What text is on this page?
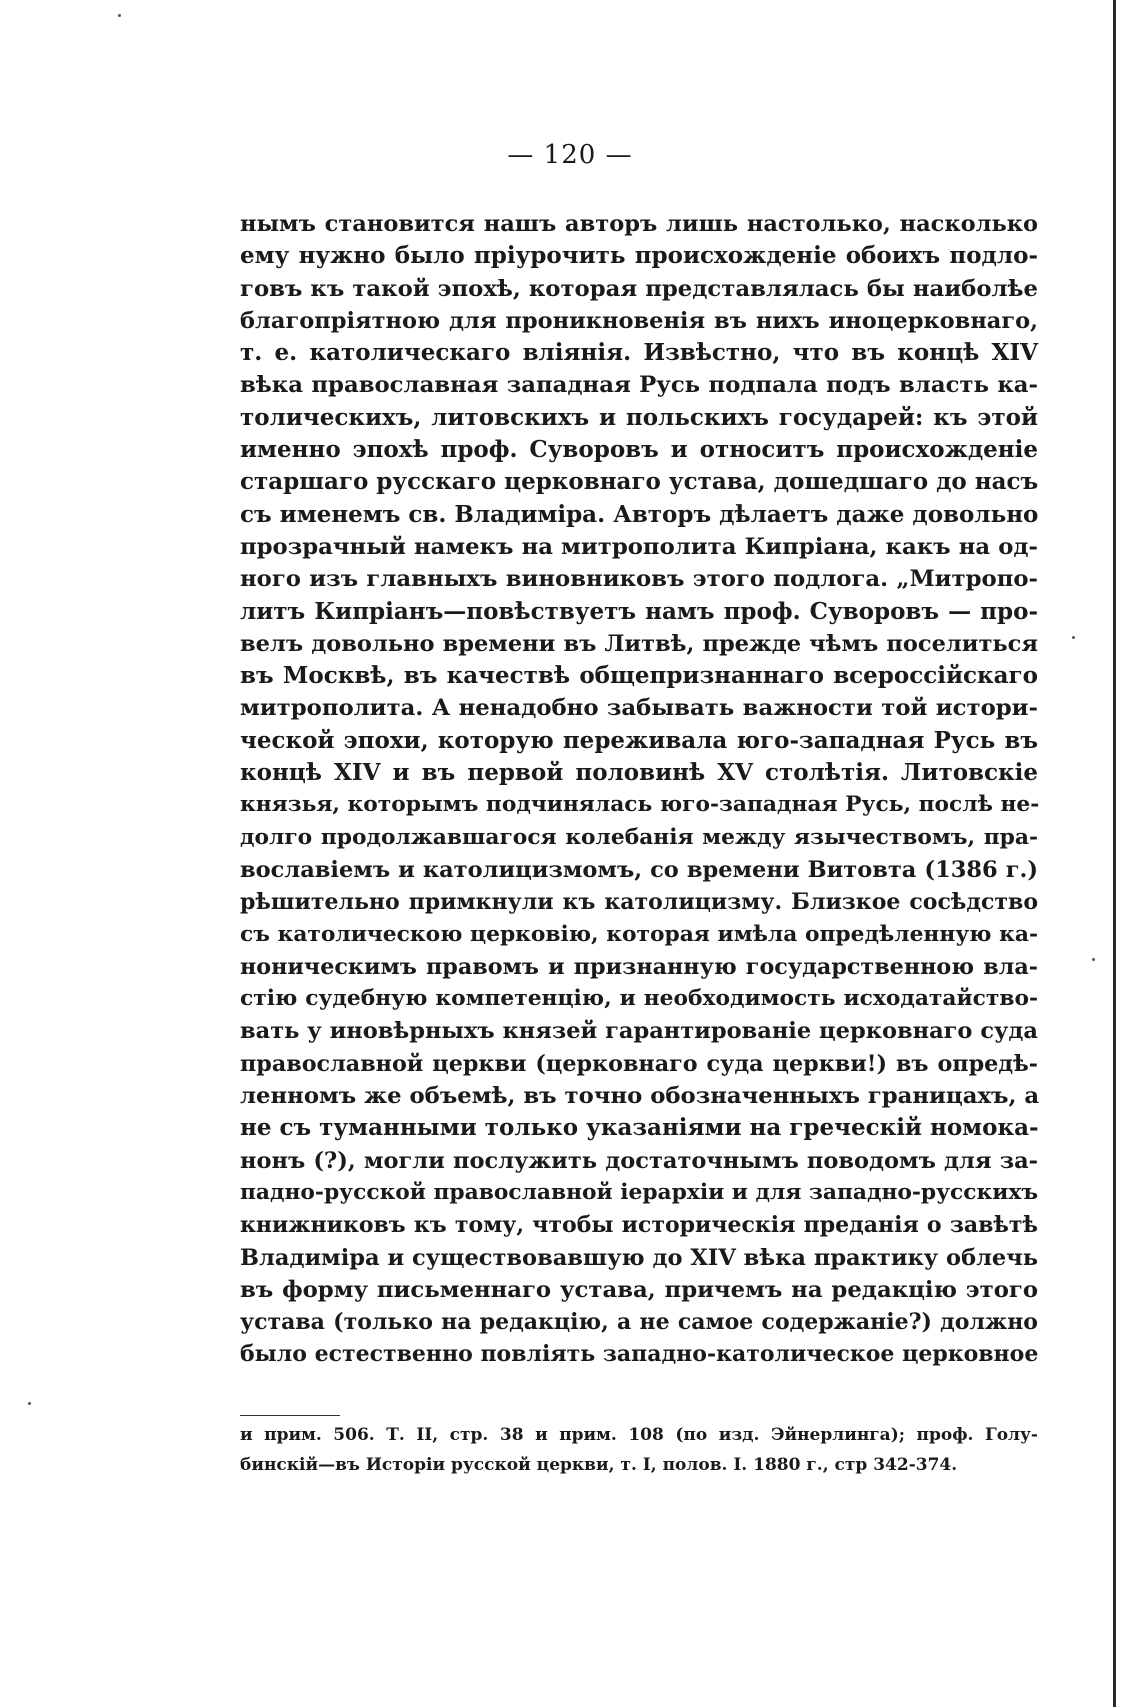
— 120 —
нымъ становится нашъ авторъ лишь настолько, насколько
ему нужно было пріурочить происхожденіе обоихъ подло-
говъ къ такой эпохѣ, которая представлялась бы наиболѣе
благопріятною для проникновенія въ нихъ иноцерковнаго,
т. е. католическаго вліянія. Извѣстно, что въ концѣ XIV
вѣка православная западная Русь подпала подъ власть ка-
толическихъ, литовскихъ и польскихъ государей: къ этой
именно эпохѣ проф. Суворовъ и относитъ происхожденіе
старшаго русскаго церковнаго устава, дошедшаго до насъ
съ именемъ св. Владиміра. Авторъ дѣлаетъ даже довольно
прозрачный намекъ на митрополита Кипріана, какъ на од-
ного изъ главныхъ виновниковъ этого подлога. „Митропо-
литъ Кипріанъ—повѣствуетъ намъ проф. Суворовъ — про-
велъ довольно времени въ Литвѣ, прежде чѣмъ поселиться
въ Москвѣ, въ качествѣ общепризнаннаго всероссійскаго
митрополита. А ненадобно забывать важности той истори-
ческой эпохи, которую переживала юго-западная Русь въ
концѣ XIV и въ первой половинѣ XV столѣтія. Литовскіе
князья, которымъ подчинялась юго-западная Русь, послѣ не-
долго продолжавшагося колебанія между язычествомъ, пра-
вославіемъ и католицизмомъ, со времени Витовта (1386 г.)
рѣшительно примкнули къ католицизму. Близкое сосѣдство
съ католическою церковію, которая имѣла опредѣленную ка-
ноническимъ правомъ и признанную государственною вла-
стію судебную компетенцію, и необходимость исходатайство-
вать у иновѣрныхъ князей гарантированіе церковнаго суда
православной церкви (церковнаго суда церкви!) въ опредѣ-
ленномъ же объемѣ, въ точно обозначенныхъ границахъ, а
не съ туманными только указаніями на греческій номока-
нонъ (?), могли послужить достаточнымъ поводомъ для за-
падно-русской православной іерархіи и для западно-русскихъ
книжниковъ къ тому, чтобы историческія преданія о завѣтѣ
Владиміра и существовавшую до XIV вѣка практику облечь
въ форму письменнаго устава, причемъ на редакцію этого
устава (только на редакцію, а не самое содержаніе?) должно
было естественно повліять западно-католическое церковное
и прим. 506. Т. II, стр. 38 и прим. 108 (по изд. Эйнерлинга); проф. Голу-
бинскій—въ Исторіи русской церкви, т. I, полов. I. 1880 г., стр 342-374.
